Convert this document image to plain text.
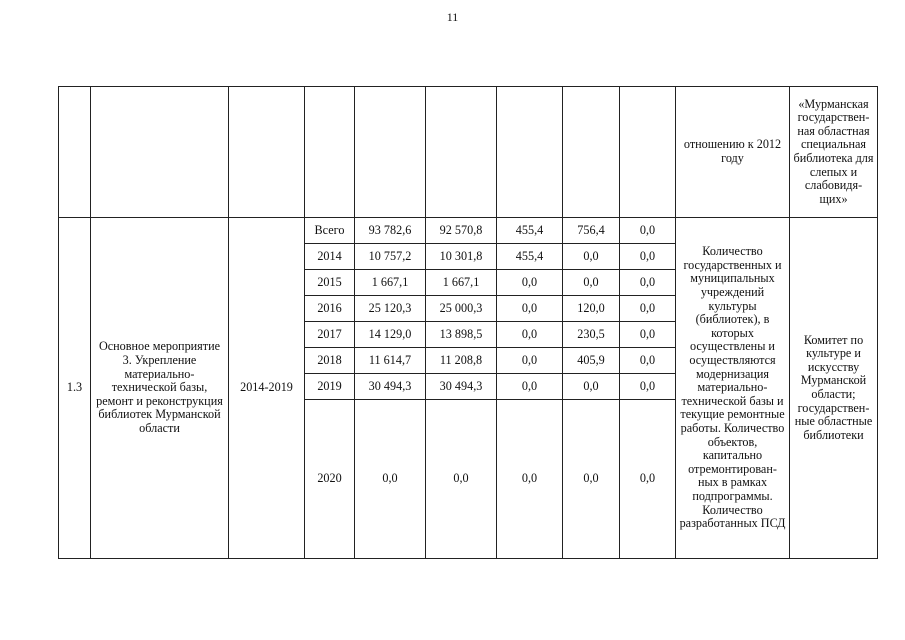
11
									отношению к 2012 году	«Мурманская государствен-ная областная специальная библиотека для слепых и слабовидя-щих»
1.3	Основное мероприятие 3. Укрепление материально-технической базы, ремонт и реконструкция библиотек Мурманской области	2014-2019	Всего	93 782,6	92 570,8	455,4	756,4	0,0	Количество государственных и муниципальных учреждений культуры (библиотек), в которых осуществлены и осуществляются модернизация материально-технической базы и текущие ремонтные работы. Количество объектов, капитально отремонтирован-ных в рамках подпрограммы. Количество разработанных ПСД	Комитет по культуре и искусству Мурманской области; государствен-ные областные библиотеки
			2014	10 757,2	10 301,8	455,4	0,0	0,0		
			2015	1 667,1	1 667,1	0,0	0,0	0,0		
			2016	25 120,3	25 000,3	0,0	120,0	0,0		
			2017	14 129,0	13 898,5	0,0	230,5	0,0		
			2018	11 614,7	11 208,8	0,0	405,9	0,0		
			2019	30 494,3	30 494,3	0,0	0,0	0,0		
			2020	0,0	0,0	0,0	0,0	0,0		
